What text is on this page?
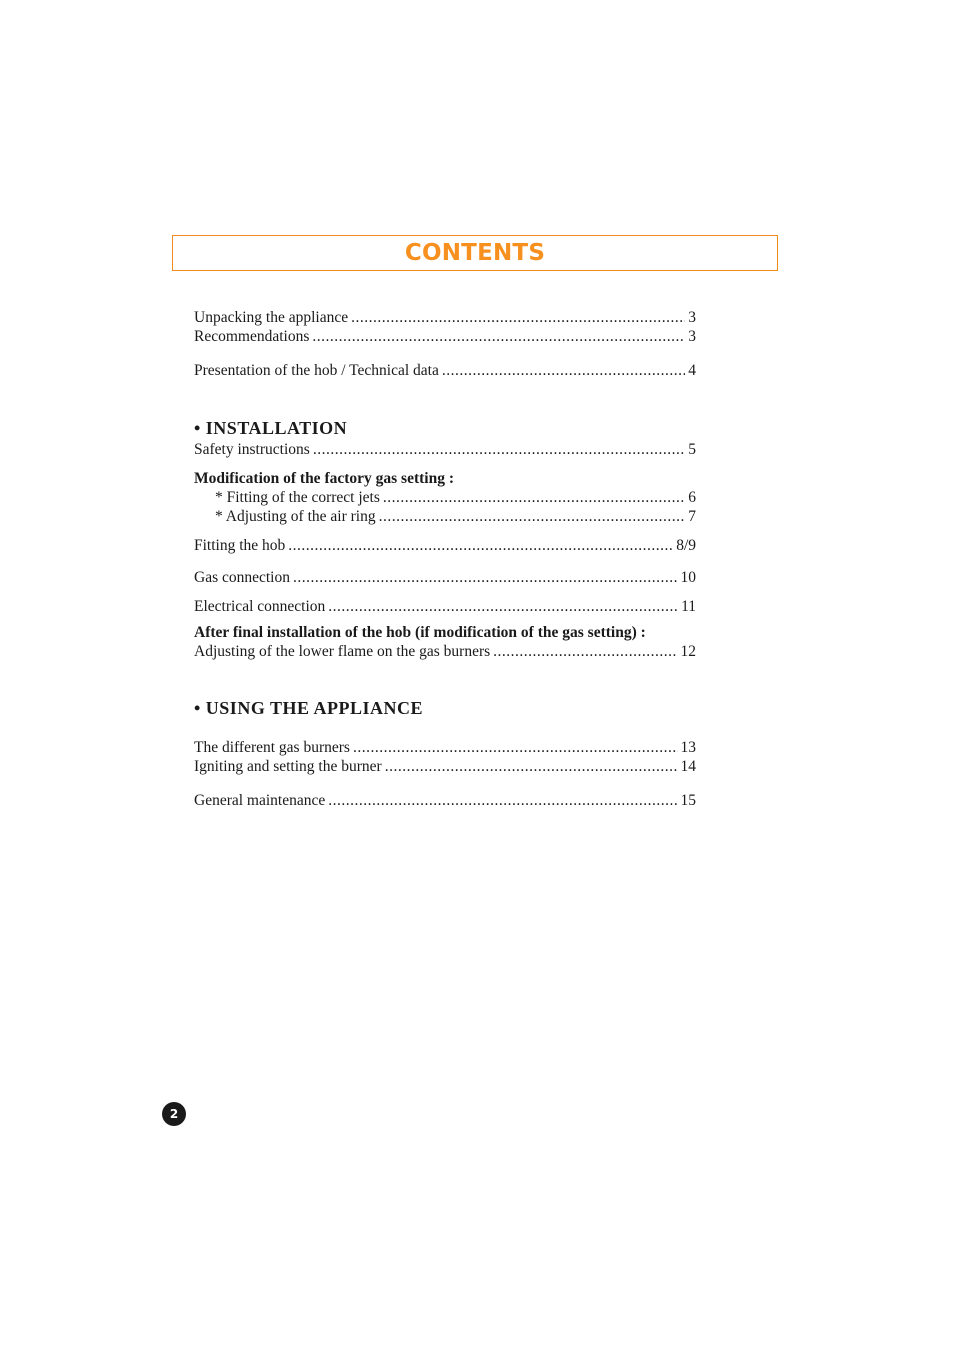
CONTENTS
Unpacking the appliance .....	3
Recommendations .....	3
Presentation of the hob / Technical data .....	4
• INSTALLATION
Safety instructions .....	5
Modification of the factory gas setting :
* Fitting of the correct jets .....	6
* Adjusting of the air ring .....	7
Fitting the hob .....	8/9
Gas connection .....	10
Electrical connection .....	11
After final installation of the hob (if modification of the gas setting) :
Adjusting of the lower flame on the gas burners .....	12
• USING THE APPLIANCE
The different gas burners .....	13
Igniting and setting the burner .....	14
General maintenance .....	15
2
